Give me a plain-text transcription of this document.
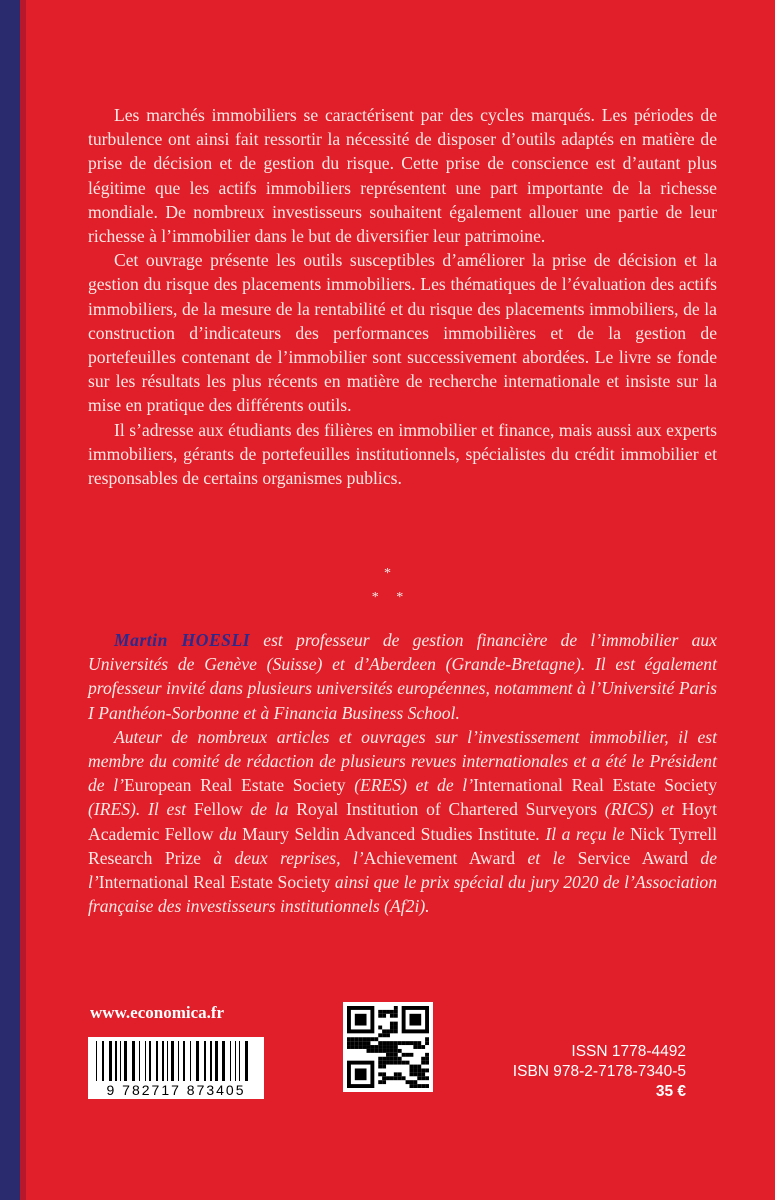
Les marchés immobiliers se caractérisent par des cycles marqués. Les périodes de turbulence ont ainsi fait ressortir la nécessité de disposer d’outils adaptés en matière de prise de décision et de gestion du risque. Cette prise de conscience est d’autant plus légitime que les actifs immobiliers représentent une part importante de la richesse mondiale. De nombreux investisseurs souhaitent également allouer une partie de leur richesse à l’immobilier dans le but de diversifier leur patrimoine.

Cet ouvrage présente les outils susceptibles d’améliorer la prise de décision et la gestion du risque des placements immobiliers. Les thématiques de l’évaluation des actifs immobiliers, de la mesure de la rentabilité et du risque des placements immobiliers, de la construction d’indicateurs des performances immobilières et de la gestion de portefeuilles contenant de l’immobilier sont successivement abordées. Le livre se fonde sur les résultats les plus récents en matière de recherche internationale et insiste sur la mise en pratique des différents outils.

Il s’adresse aux étudiants des filières en immobilier et finance, mais aussi aux experts immobiliers, gérants de portefeuilles institutionnels, spécialistes du crédit immobilier et responsables de certains organismes publics.

*
*     *

Martin HOESLI est professeur de gestion financière de l’immobilier aux Universités de Genève (Suisse) et d’Aberdeen (Grande-Bretagne). Il est également professeur invité dans plusieurs universités européennes, notamment à l’Université Paris I Panthéon-Sorbonne et à Financia Business School.

Auteur de nombreux articles et ouvrages sur l’investissement immobilier, il est membre du comité de rédaction de plusieurs revues internationales et a été le Président de l’European Real Estate Society (ERES) et de l’International Real Estate Society (IRES). Il est Fellow de la Royal Institution of Chartered Surveyors (RICS) et Hoyt Academic Fellow du Maury Seldin Advanced Studies Institute. Il a reçu le Nick Tyrrell Research Prize à deux reprises, l’Achievement Award et le Service Award de l’International Real Estate Society ainsi que le prix spécial du jury 2020 de l’Association française des investisseurs institutionnels (Af2i).

www.economica.fr
9 782717 873405
ISSN 1778-4492
ISBN 978-2-7178-7340-5
35 €
